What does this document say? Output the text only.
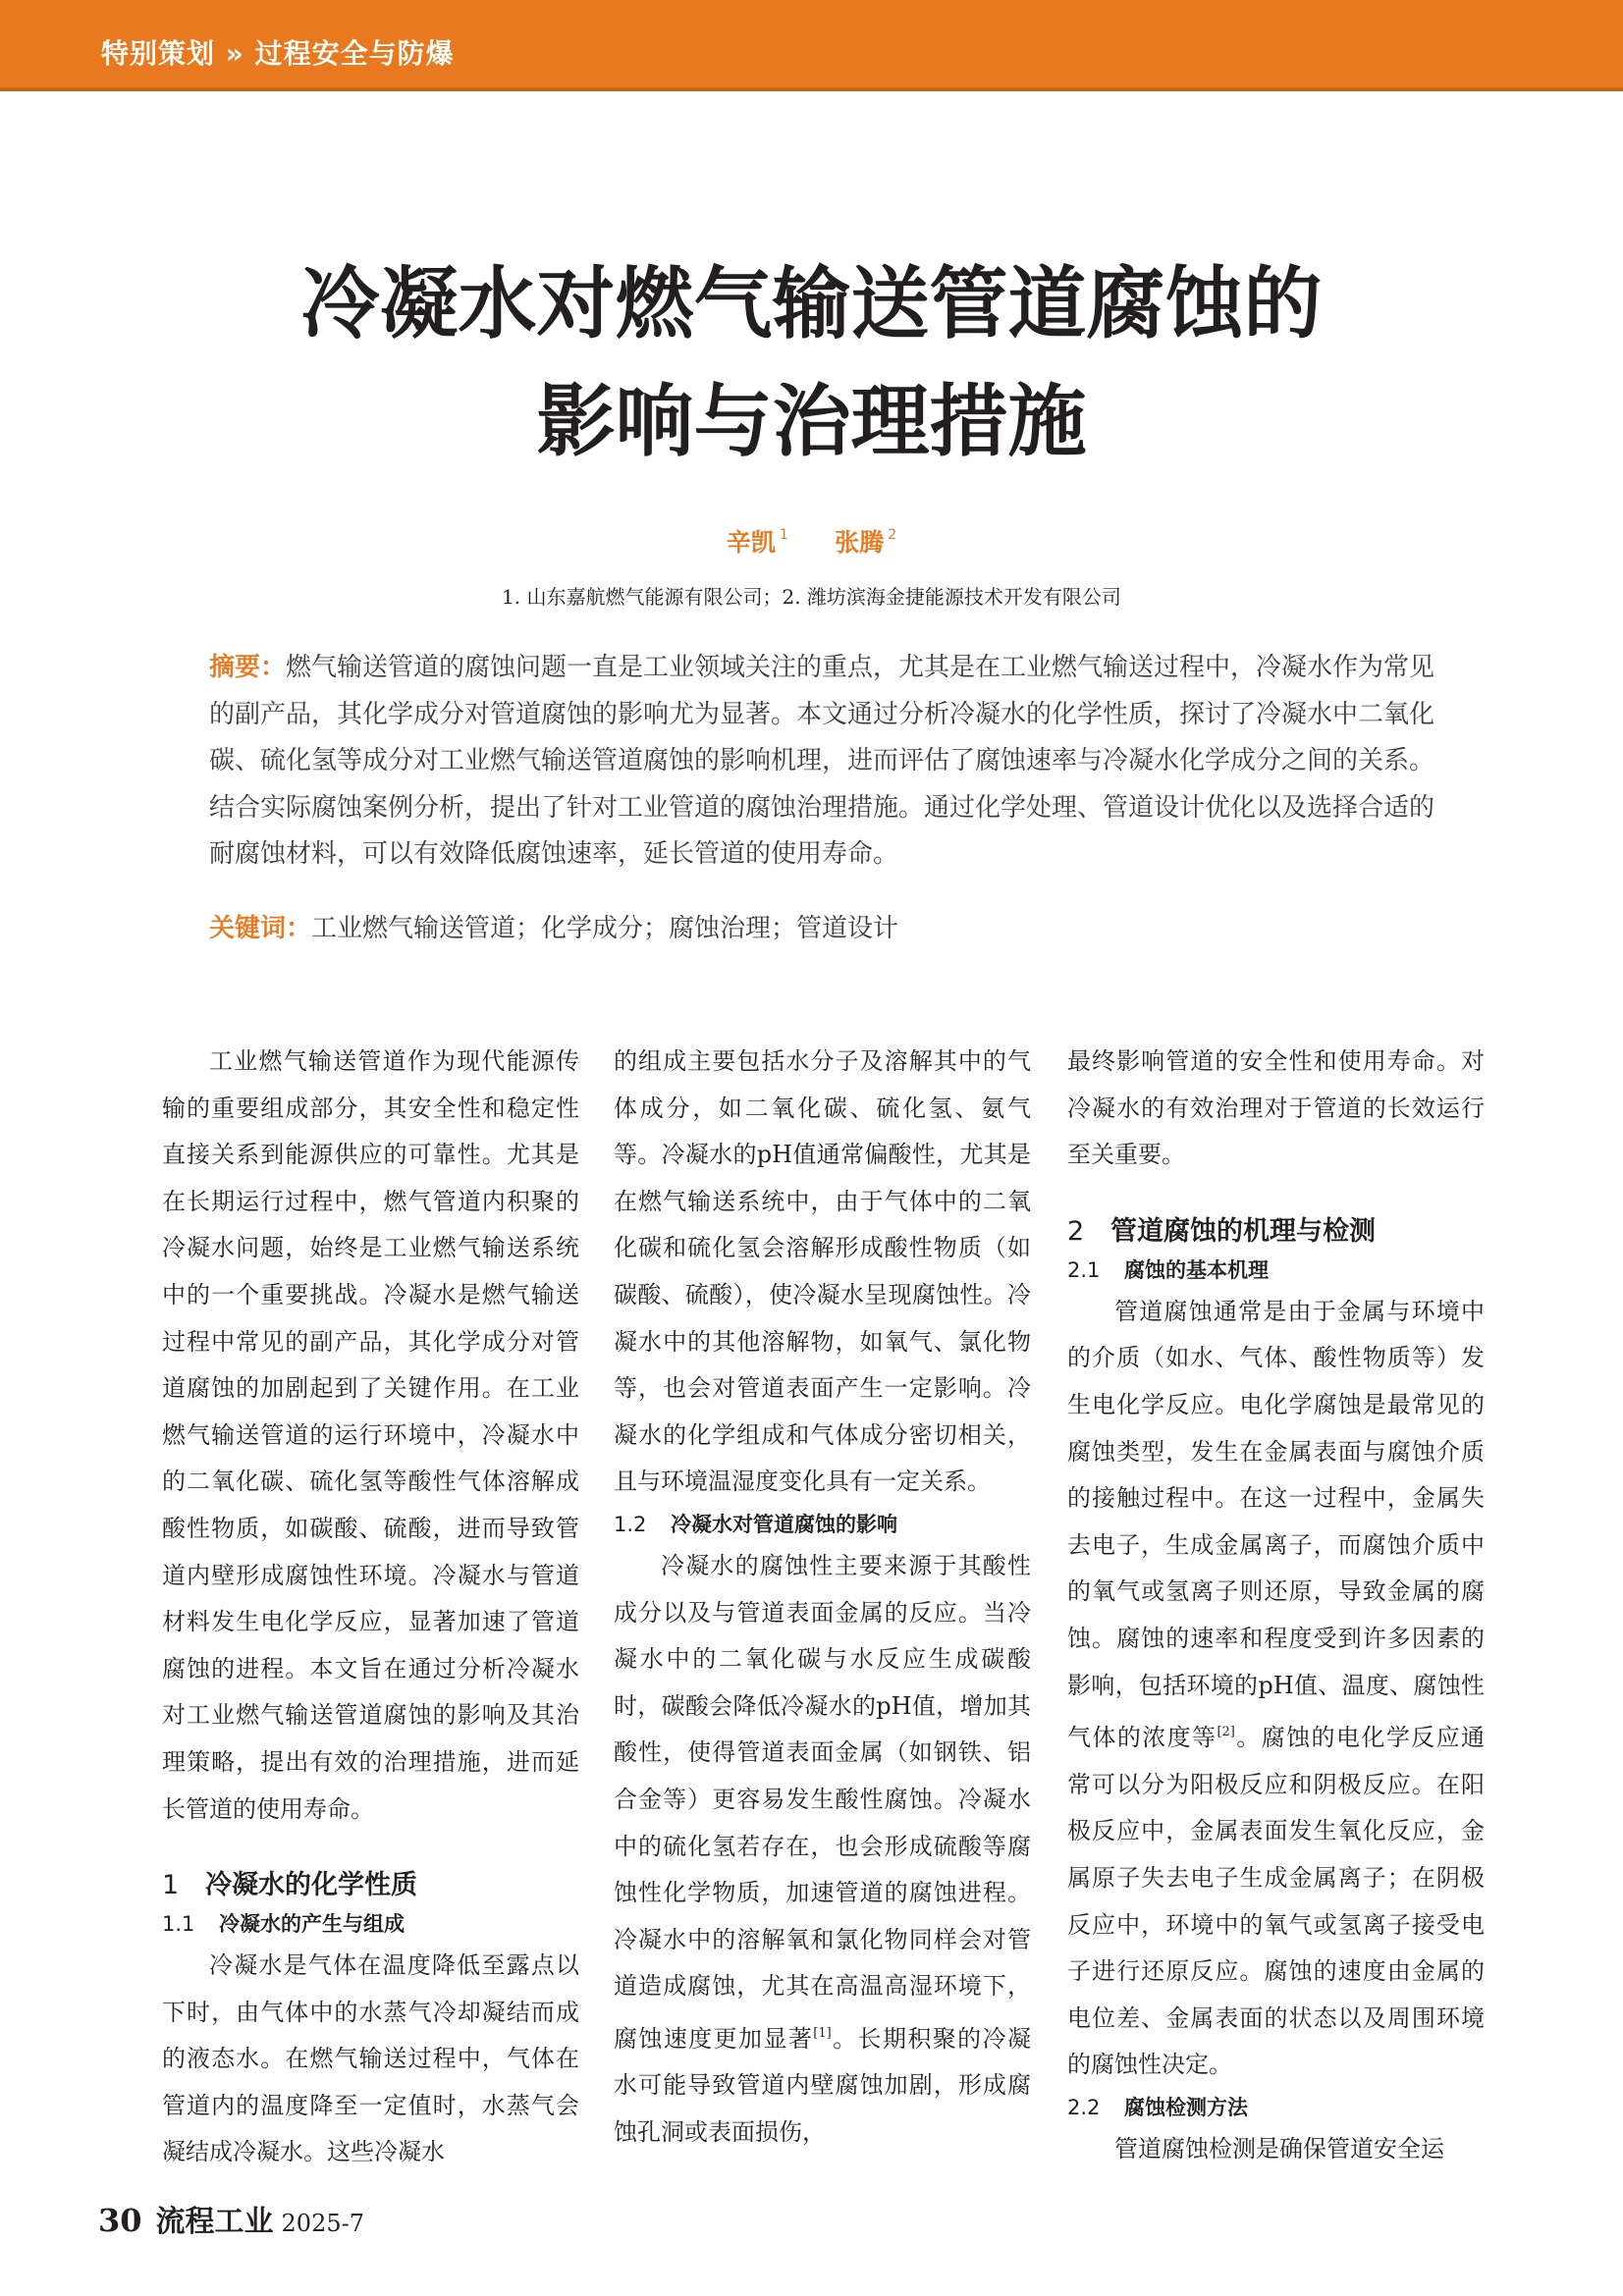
特别策划 » 过程安全与防爆
冷凝水对燃气输送管道腐蚀的
影响与治理措施
辛凯 $^1$ 张腾 $^2$
1. 山东嘉航燃气能源有限公司；2. 潍坊滨海金捷能源技术开发有限公司
摘要：燃气输送管道的腐蚀问题一直是工业领域关注的重点，尤其是在工业燃气输送过程中，冷凝水作为常见的副产品，其化学成分对管道腐蚀的影响尤为显著。本文通过分析冷凝水的化学性质，探讨了冷凝水中二氧化碳、硫化氢等成分对工业燃气输送管道腐蚀的影响机理，进而评估了腐蚀速率与冷凝水化学成分之间的关系。结合实际腐蚀案例分析，提出了针对工业管道的腐蚀治理措施。通过化学处理、管道设计优化以及选择合适的耐腐蚀材料，可以有效降低腐蚀速率，延长管道的使用寿命。
关键词：工业燃气输送管道；化学成分；腐蚀治理；管道设计

工业燃气输送管道作为现代能源传输的重要组成部分，其安全性和稳定性直接关系到能源供应的可靠性。尤其是在长期运行过程中，燃气管道内积聚的冷凝水问题，始终是工业燃气输送系统中的一个重要挑战。冷凝水是燃气输送过程中常见的副产品，其化学成分对管道腐蚀的加剧起到了关键作用。在工业燃气输送管道的运行环境中，冷凝水中的二氧化碳、硫化氢等酸性气体溶解成酸性物质，如碳酸、硫酸，进而导致管道内壁形成腐蚀性环境。冷凝水与管道材料发生电化学反应，显著加速了管道腐蚀的进程。本文旨在通过分析冷凝水对工业燃气输送管道腐蚀的影响及其治理策略，提出有效的治理措施，进而延长管道的使用寿命。

1 冷凝水的化学性质
1.1 冷凝水的产生与组成

冷凝水是气体在温度降低至露点以下时，由气体中的水蒸气冷却凝结而成的液态水。在燃气输送过程中，气体在管道内的温度降至一定值时，水蒸气会凝结成冷凝水。这些冷凝水

的组成主要包括水分子及溶解其中的气体成分，如二氧化碳、硫化氢、氨气等。冷凝水的pH值通常偏酸性，尤其是在燃气输送系统中，由于气体中的二氧化碳和硫化氢会溶解形成酸性物质（如碳酸、硫酸），使冷凝水呈现腐蚀性。冷凝水中的其他溶解物，如氧气、氯化物等，也会对管道表面产生一定影响。冷凝水的化学组成和气体成分密切相关，且与环境温湿度变化具有一定关系。

1.2 冷凝水对管道腐蚀的影响

冷凝水的腐蚀性主要来源于其酸性成分以及与管道表面金属的反应。当冷凝水中的二氧化碳与水反应生成碳酸时，碳酸会降低冷凝水的pH值，增加其酸性，使得管道表面金属（如钢铁、铝合金等）更容易发生酸性腐蚀。冷凝水中的硫化氢若存在，也会形成硫酸等腐蚀性化学物质，加速管道的腐蚀进程。冷凝水中的溶解氧和氯化物同样会对管道造成腐蚀，尤其在高温高湿环境下，腐蚀速度更加显著[1]。长期积聚的冷凝水可能导致管道内壁腐蚀加剧，形成腐蚀孔洞或表面损伤，

最终影响管道的安全性和使用寿命。对冷凝水的有效治理对于管道的长效运行至关重要。

2 管道腐蚀的机理与检测
2.1 腐蚀的基本机理

管道腐蚀通常是由于金属与环境中的介质（如水、气体、酸性物质等）发生电化学反应。电化学腐蚀是最常见的腐蚀类型，发生在金属表面与腐蚀介质的接触过程中。在这一过程中，金属失去电子，生成金属离子，而腐蚀介质中的氧气或氢离子则还原，导致金属的腐蚀。腐蚀的速率和程度受到许多因素的影响，包括环境的pH值、温度、腐蚀性气体的浓度等[2]。腐蚀的电化学反应通常可以分为阳极反应和阴极反应。在阳极反应中，金属表面发生氧化反应，金属原子失去电子生成金属离子；在阴极反应中，环境中的氧气或氢离子接受电子进行还原反应。腐蚀的速度由金属的电位差、金属表面的状态以及周围环境的腐蚀性决定。

2.2 腐蚀检测方法

管道腐蚀检测是确保管道安全运

30 流程工业 2025-7
